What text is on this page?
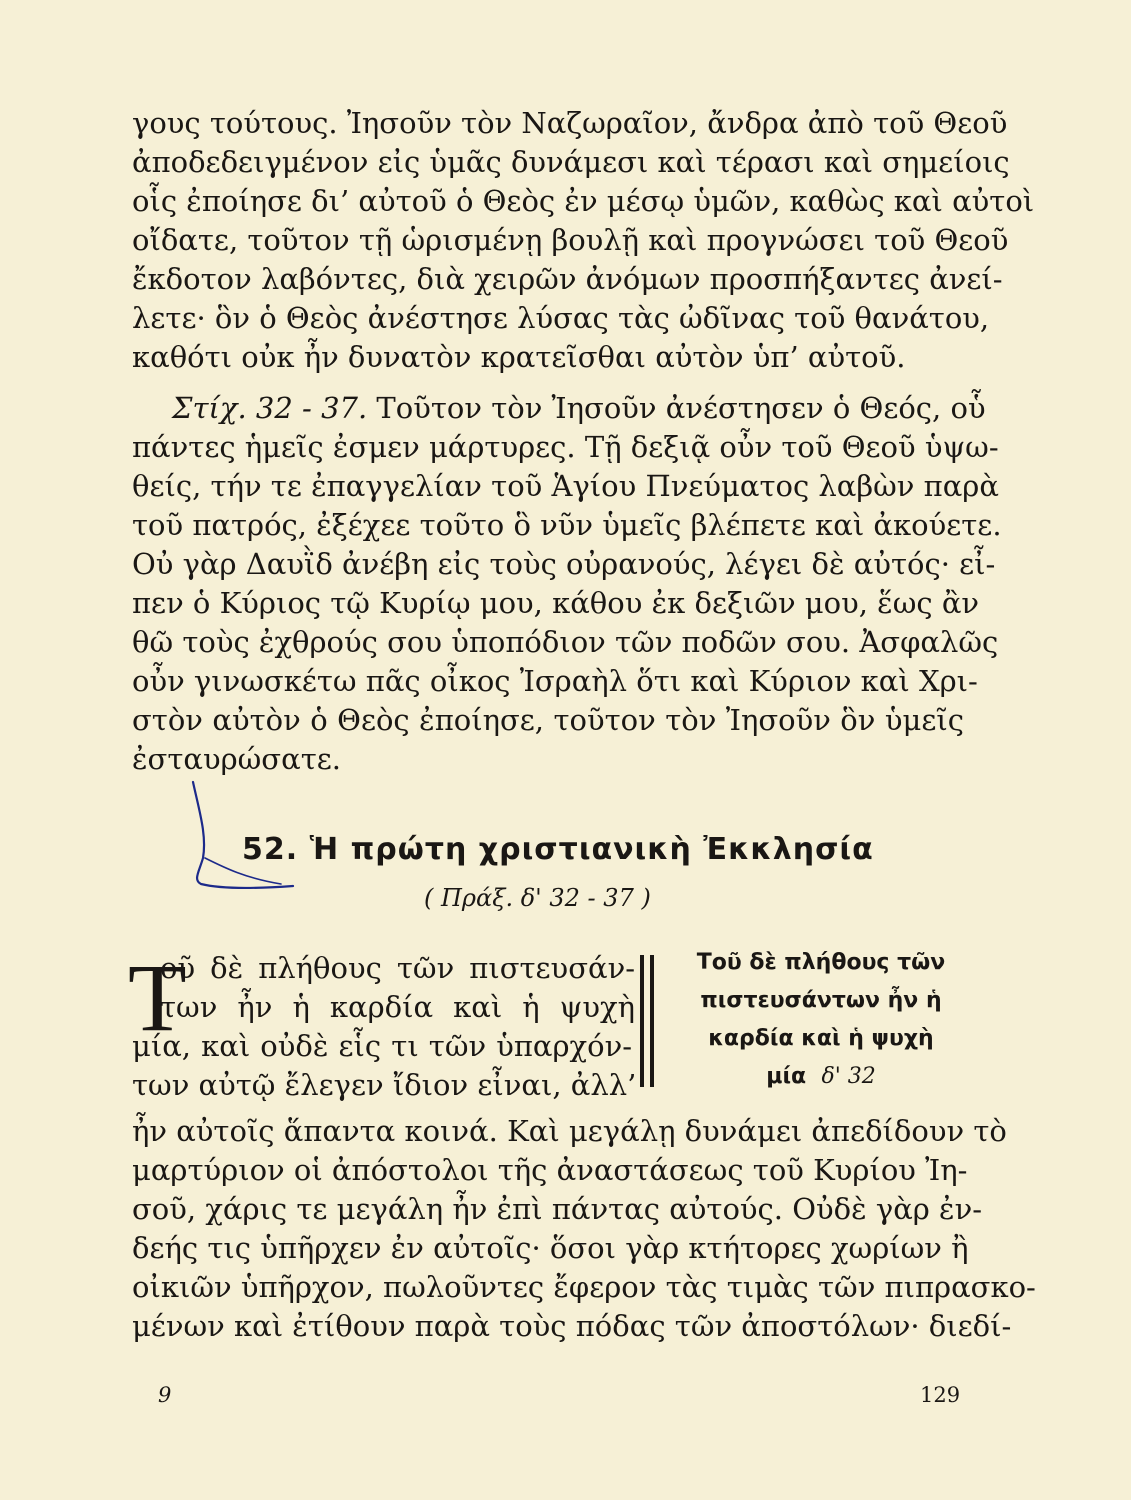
γους τούτους. Ἰησοῦν τὸν Ναζωραῖον, ἄνδρα ἀπὸ τοῦ Θεοῦ
ἀποδεδειγμένον εἰς ὑμᾶς δυνάμεσι καὶ τέρασι καὶ σημείοις
οἷς ἐποίησε δι’ αὐτοῦ ὁ Θεὸς ἐν μέσῳ ὑμῶν, καθὼς καὶ αὐτοὶ
οἴδατε, τοῦτον τῇ ὡρισμένῃ βουλῇ καὶ προγνώσει τοῦ Θεοῦ
ἔκδοτον λαβόντες, διὰ χειρῶν ἀνόμων προσπήξαντες ἀνεί-
λετε· ὃν ὁ Θεὸς ἀνέστησε λύσας τὰς ὠδῖνας τοῦ θανάτου,
καθότι οὐκ ἦν δυνατὸν κρατεῖσθαι αὐτὸν ὑπ’ αὐτοῦ.
Στίχ. 32 - 37. Τοῦτον τὸν Ἰησοῦν ἀνέστησεν ὁ Θεός, οὗ
πάντες ἡμεῖς ἐσμεν μάρτυρες. Τῇ δεξιᾷ οὖν τοῦ Θεοῦ ὑψω-
θείς, τήν τε ἐπαγγελίαν τοῦ Ἁγίου Πνεύματος λαβὼν παρὰ
τοῦ πατρός, ἐξέχεε τοῦτο ὃ νῦν ὑμεῖς βλέπετε καὶ ἀκούετε.
Οὐ γὰρ Δαυῒδ ἀνέβη εἰς τοὺς οὐρανούς, λέγει δὲ αὐτός· εἶ-
πεν ὁ Κύριος τῷ Κυρίῳ μου, κάθου ἐκ δεξιῶν μου, ἕως ἂν
θῶ τοὺς ἐχθρούς σου ὑποπόδιον τῶν ποδῶν σου. Ἀσφαλῶς
οὖν γινωσκέτω πᾶς οἶκος Ἰσραὴλ ὅτι καὶ Κύριον καὶ Χρι-
στὸν αὐτὸν ὁ Θεὸς ἐποίησε, τοῦτον τὸν Ἰησοῦν ὃν ὑμεῖς
ἐσταυρώσατε.
52. Ἡ πρώτη χριστιανικὴ Ἐκκλησία
( Πράξ. δ' 32 - 37 )
Τ
οῦ δὲ πλήθους τῶν πιστευσάν-
των ἦν ἡ καρδία καὶ ἡ ψυχὴ
μία, καὶ οὐδὲ εἷς τι τῶν ὑπαρχόν-
των αὐτῷ ἔλεγεν ἴδιον εἶναι, ἀλλ’
Τοῦ δὲ πλήθους τῶν
πιστευσάντων ἦν ἡ
καρδία καὶ ἡ ψυχὴ
μία δ' 32
ἦν αὐτοῖς ἅπαντα κοινά. Καὶ μεγάλῃ δυνάμει ἀπεδίδουν τὸ
μαρτύριον οἱ ἀπόστολοι τῆς ἀναστάσεως τοῦ Κυρίου Ἰη-
σοῦ, χάρις τε μεγάλη ἦν ἐπὶ πάντας αὐτούς. Οὐδὲ γὰρ ἐν-
δεής τις ὑπῆρχεν ἐν αὐτοῖς· ὅσοι γὰρ κτήτορες χωρίων ἢ
οἰκιῶν ὑπῆρχον, πωλοῦντες ἔφερον τὰς τιμὰς τῶν πιπρασκο-
μένων καὶ ἐτίθουν παρὰ τοὺς πόδας τῶν ἀποστόλων· διεδί-
9	129
